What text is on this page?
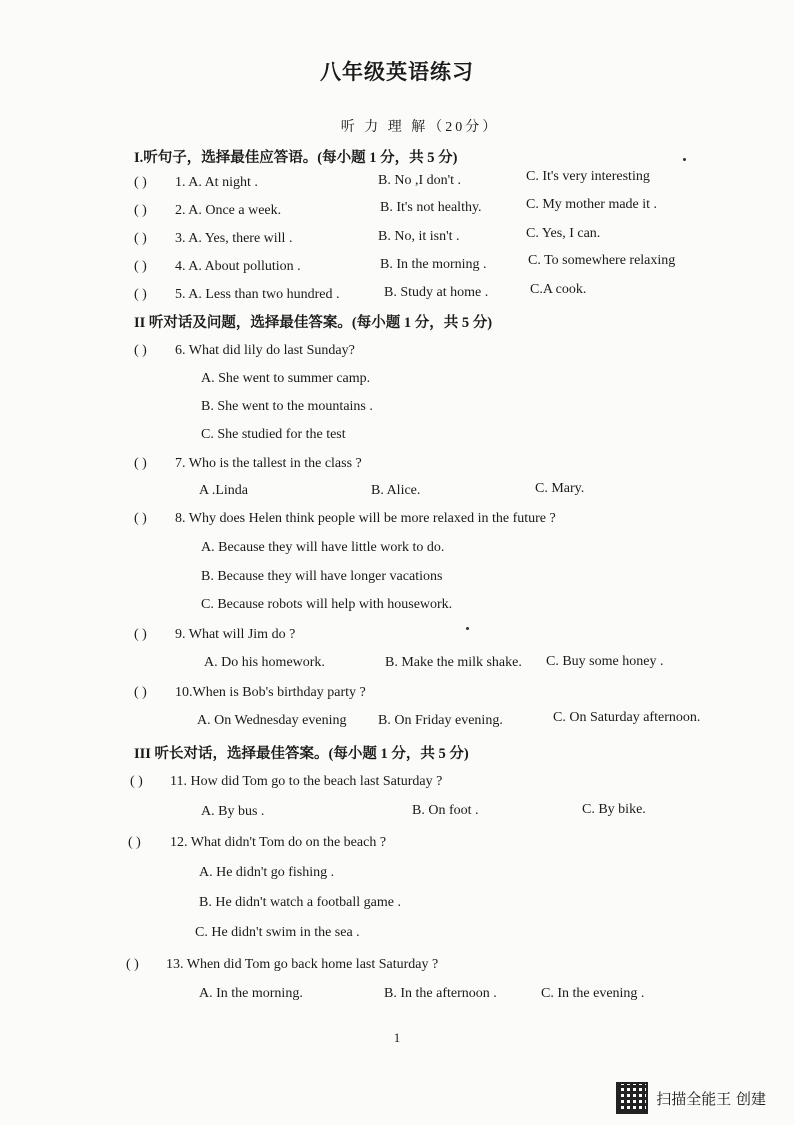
八年级英语练习
听 力 理 解（20分）
I.听句子，选择最佳应答语。(每小题 1 分，共 5 分)
( ) 1. A. At night .	B. No ,I don't .	C. It's very interesting
( ) 2. A. Once a week.	B. It's not healthy.	C. My mother made it .
( ) 3. A. Yes, there will .	B. No, it isn't .	C. Yes, I can.
( ) 4. A. About pollution .	B. In the morning .	C. To somewhere relaxing
( ) 5. A. Less than two hundred .	B. Study at home .	C.A cook.
II 听对话及问题，选择最佳答案。(每小题 1 分，共 5 分)
( ) 6. What did lily do last Sunday?
A. She went to summer camp.
B. She went to the mountains .
C. She studied for the test
( ) 7. Who is the tallest in the class ?
A .Linda	B. Alice.	C. Mary.
( ) 8. Why does Helen think people will be more relaxed in the future ?
A. Because they will have little work to do.
B. Because they will have longer vacations
C. Because robots will help with housework.
( ) 9. What will Jim do ?
A. Do his homework.	B. Make the milk shake. C. Buy some honey .
( ) 10.When is Bob's birthday party ?
A. On Wednesday evening B. On Friday evening.	C. On Saturday afternoon.
III 听长对话，选择最佳答案。(每小题 1 分，共 5 分)
( ) 11. How did Tom go to the beach last Saturday ?
A. By bus .	B. On foot .	C. By bike.
( ) 12. What didn't Tom do on the beach ?
A. He didn't go fishing .
B. He didn't watch a football game .
C. He didn't swim in the sea .
( ) 13. When did Tom go back home last Saturday ?
A. In the morning.	B. In the afternoon .	C. In the evening .
1
扫描全能王 创建
